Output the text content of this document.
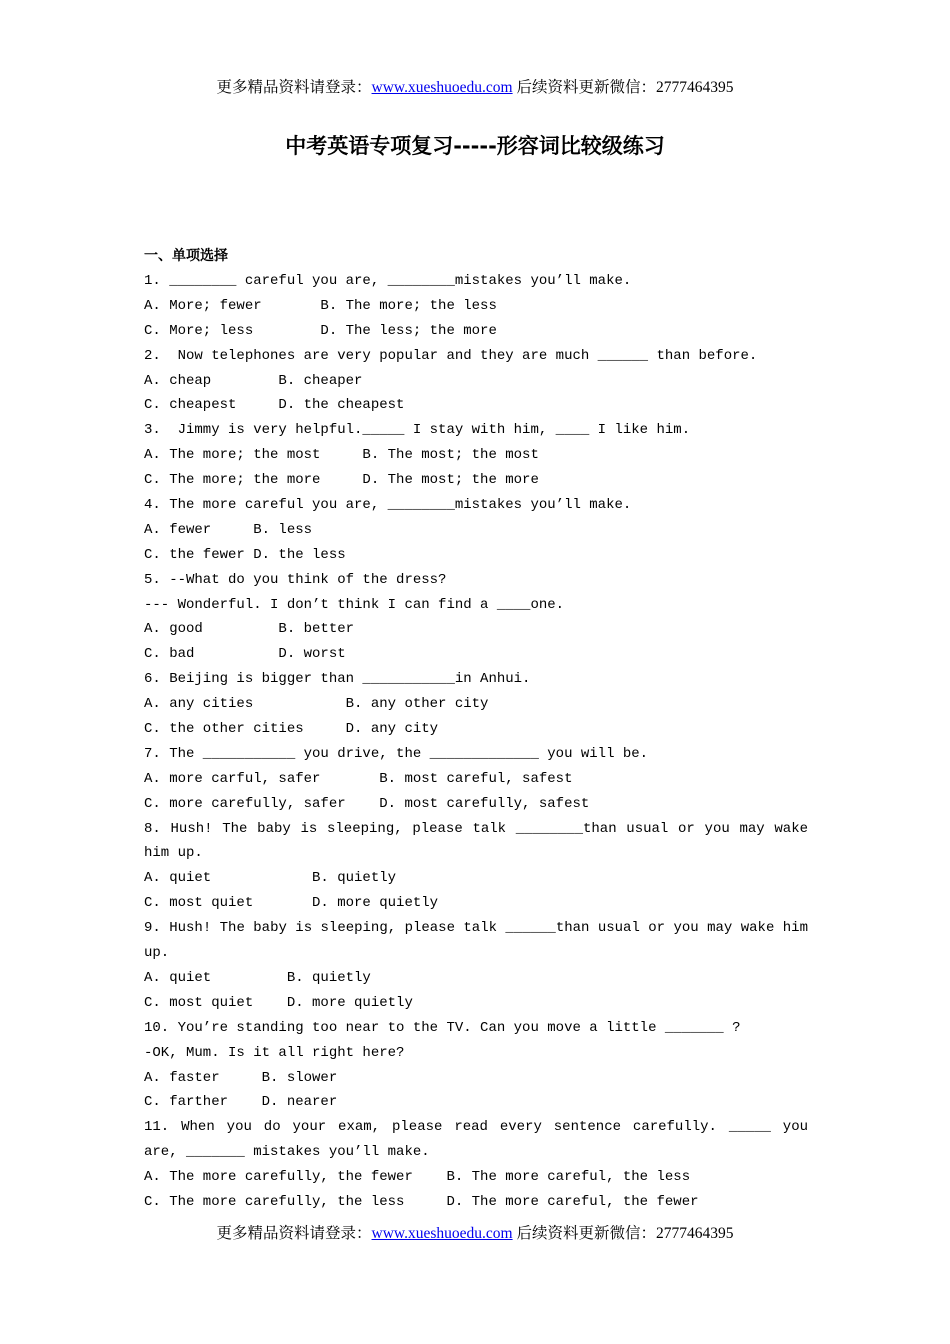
更多精品资料请登录：www.xueshuoedu.com 后续资料更新微信：2777464395
中考英语专项复习-----形容词比较级练习
一、单项选择
1. ________ careful you are, ________mistakes you’ll make.
A. More; fewer       B. The more; the less
C. More; less        D. The less; the more
2.  Now telephones are very popular and they are much ______ than before.
A. cheap        B. cheaper
C. cheapest     D. the cheapest
3.  Jimmy is very helpful._____ I stay with him, ____ I like him.
A. The more; the most     B. The most; the most
C. The more; the more     D. The most; the more
4. The more careful you are, ________mistakes you’ll make.
A. fewer     B. less
C. the fewer D. the less
5. --What do you think of the dress?
--- Wonderful. I don’t think I can find a ____one.
A. good         B. better
C. bad          D. worst
6. Beijing is bigger than ___________in Anhui.
A. any cities           B. any other city
C. the other cities     D. any city
7. The ___________ you drive, the _____________ you will be.
A. more carful, safer       B. most careful, safest
C. more carefully, safer    D. most carefully, safest
8. Hush! The baby is sleeping, please talk ________than usual or you may wake
him up.
A. quiet            B. quietly
C. most quiet       D. more quietly
9. Hush! The baby is sleeping, please talk ______than usual or you may wake him
up.
A. quiet         B. quietly
C. most quiet    D. more quietly
10. You’re standing too near to the TV. Can you move a little _______ ?
-OK, Mum. Is it all right here?
A. faster     B. slower
C. farther    D. nearer
11. When you do your exam, please read every sentence carefully. _____ you
are, _______ mistakes you’ll make.
A. The more carefully, the fewer    B. The more careful, the less
C. The more carefully, the less     D. The more careful, the fewer
更多精品资料请登录：www.xueshuoedu.com 后续资料更新微信：2777464395
